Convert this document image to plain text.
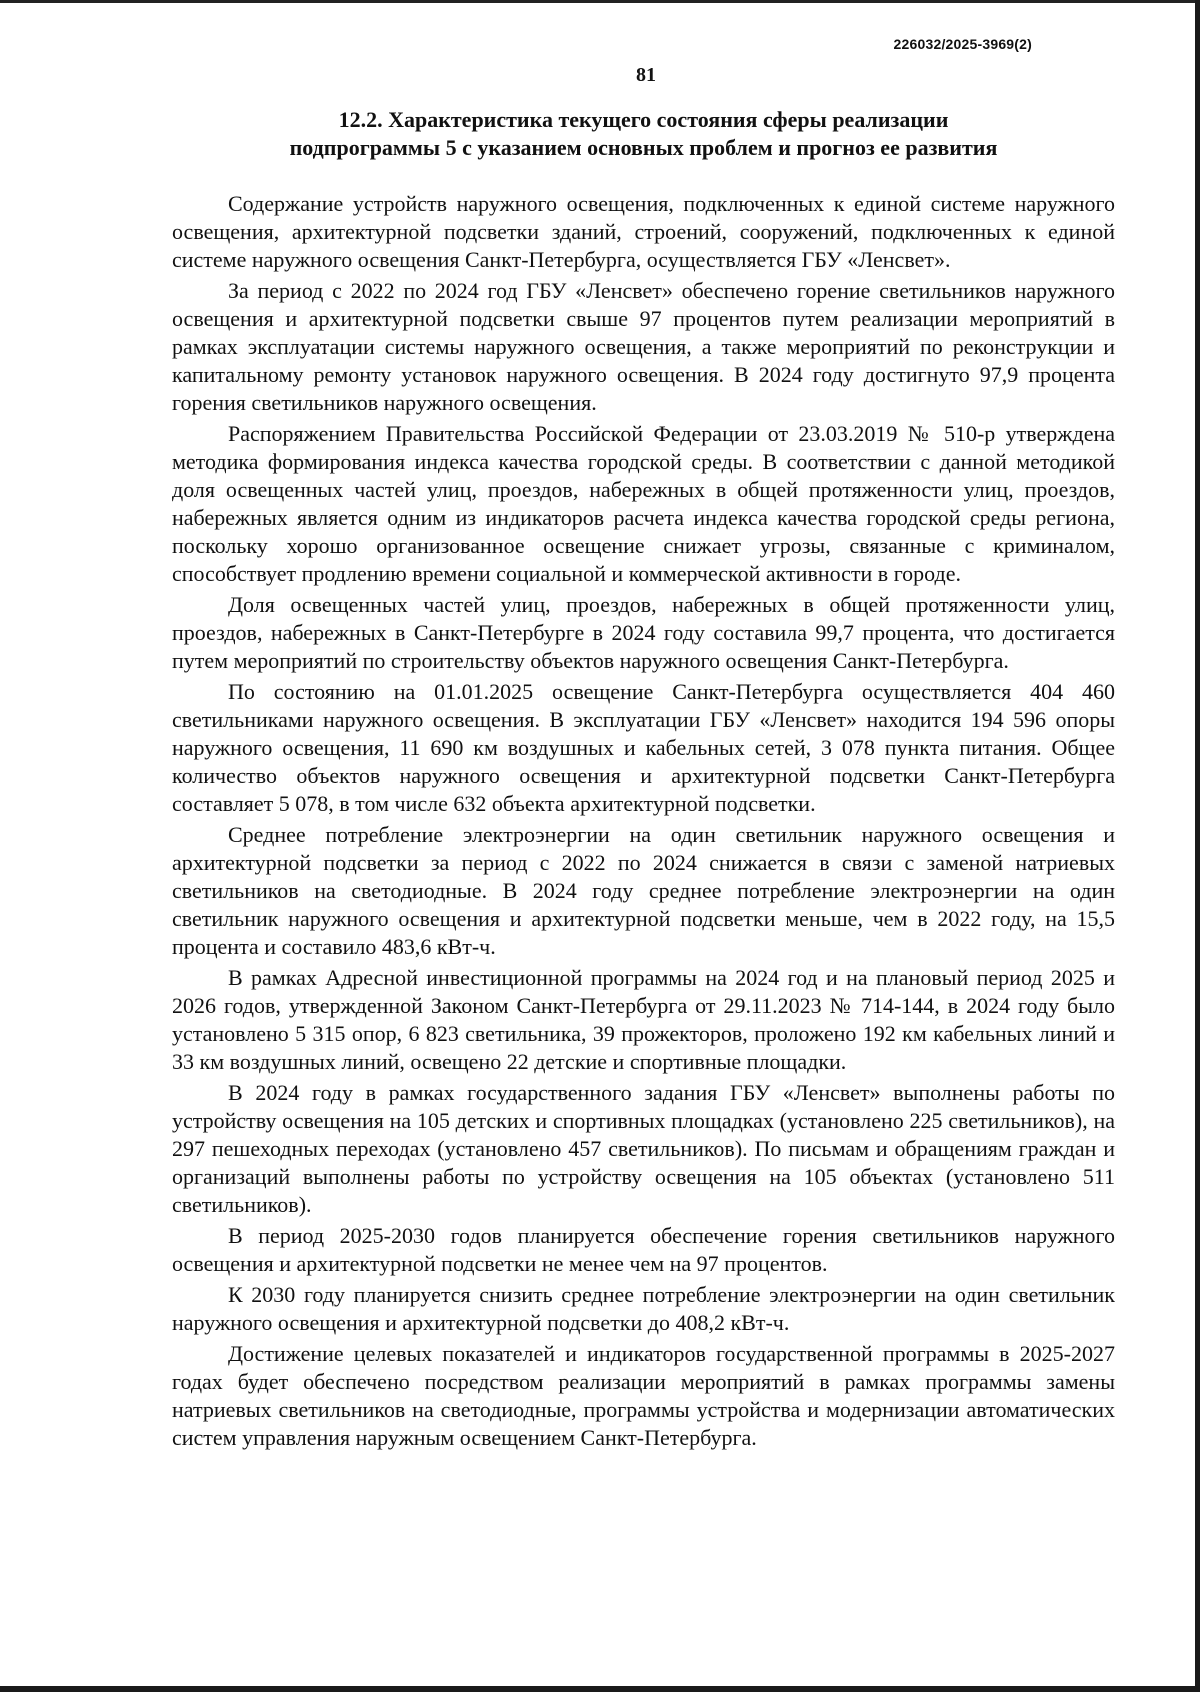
226032/2025-3969(2)
81
12.2. Характеристика текущего состояния сферы реализации
подпрограммы 5 с указанием основных проблем и прогноз ее развития

Содержание устройств наружного освещения, подключенных к единой системе наружного освещения, архитектурной подсветки зданий, строений, сооружений, подключенных к единой системе наружного освещения Санкт-Петербурга, осуществляется ГБУ «Ленсвет».

За период с 2022 по 2024 год ГБУ «Ленсвет» обеспечено горение светильников наружного освещения и архитектурной подсветки свыше 97 процентов путем реализации мероприятий в рамках эксплуатации системы наружного освещения, а также мероприятий по реконструкции и капитальному ремонту установок наружного освещения. В 2024 году достигнуто 97,9 процента горения светильников наружного освещения.

Распоряжением Правительства Российской Федерации от 23.03.2019 № 510-р утверждена методика формирования индекса качества городской среды. В соответствии с данной методикой доля освещенных частей улиц, проездов, набережных в общей протяженности улиц, проездов, набережных является одним из индикаторов расчета индекса качества городской среды региона, поскольку хорошо организованное освещение снижает угрозы, связанные с криминалом, способствует продлению времени социальной и коммерческой активности в городе.

Доля освещенных частей улиц, проездов, набережных в общей протяженности улиц, проездов, набережных в Санкт-Петербурге в 2024 году составила 99,7 процента, что достигается путем мероприятий по строительству объектов наружного освещения Санкт-Петербурга.

По состоянию на 01.01.2025 освещение Санкт-Петербурга осуществляется 404 460 светильниками наружного освещения. В эксплуатации ГБУ «Ленсвет» находится 194 596 опоры наружного освещения, 11 690 км воздушных и кабельных сетей, 3 078 пункта питания. Общее количество объектов наружного освещения и архитектурной подсветки Санкт-Петербурга составляет 5 078, в том числе 632 объекта архитектурной подсветки.

Среднее потребление электроэнергии на один светильник наружного освещения и архитектурной подсветки за период с 2022 по 2024 снижается в связи с заменой натриевых светильников на светодиодные. В 2024 году среднее потребление электроэнергии на один светильник наружного освещения и архитектурной подсветки меньше, чем в 2022 году, на 15,5 процента и составило 483,6 кВт-ч.

В рамках Адресной инвестиционной программы на 2024 год и на плановый период 2025 и 2026 годов, утвержденной Законом Санкт-Петербурга от 29.11.2023 № 714-144, в 2024 году было установлено 5 315 опор, 6 823 светильника, 39 прожекторов, проложено 192 км кабельных линий и 33 км воздушных линий, освещено 22 детские и спортивные площадки.

В 2024 году в рамках государственного задания ГБУ «Ленсвет» выполнены работы по устройству освещения на 105 детских и спортивных площадках (установлено 225 светильников), на 297 пешеходных переходах (установлено 457 светильников). По письмам и обращениям граждан и организаций выполнены работы по устройству освещения на 105 объектах (установлено 511 светильников).

В период 2025-2030 годов планируется обеспечение горения светильников наружного освещения и архитектурной подсветки не менее чем на 97 процентов.

К 2030 году планируется снизить среднее потребление электроэнергии на один светильник наружного освещения и архитектурной подсветки до 408,2 кВт-ч.

Достижение целевых показателей и индикаторов государственной программы в 2025-2027 годах будет обеспечено посредством реализации мероприятий в рамках программы замены натриевых светильников на светодиодные, программы устройства и модернизации автоматических систем управления наружным освещением Санкт-Петербурга.
